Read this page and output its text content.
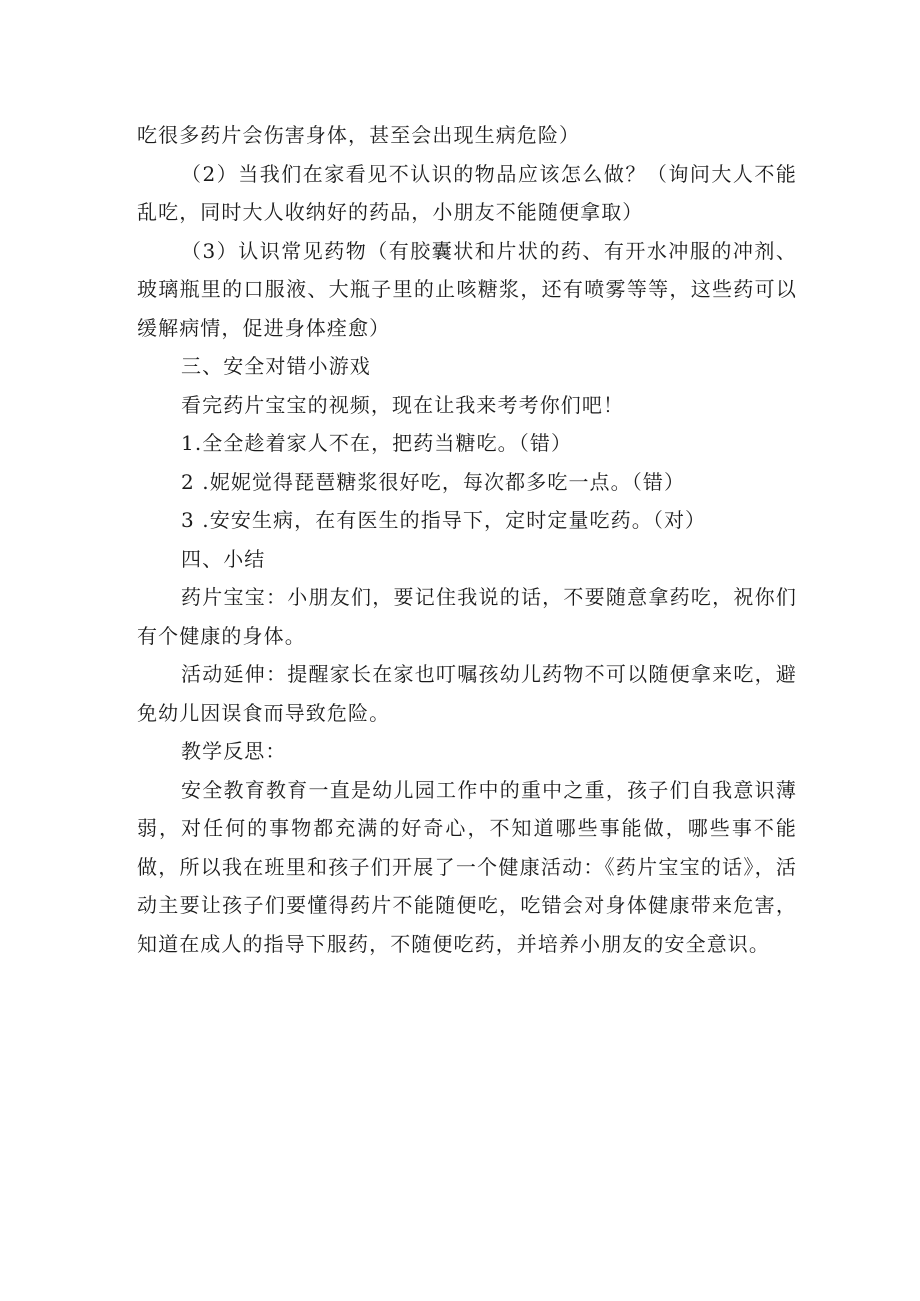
吃很多药片会伤害身体，甚至会出现生病危险）

（2）当我们在家看见不认识的物品应该怎么做？（询问大人不能乱吃，同时大人收纳好的药品，小朋友不能随便拿取）

（3）认识常见药物（有胶囊状和片状的药、有开水冲服的冲剂、玻璃瓶里的口服液、大瓶子里的止咳糖浆，还有喷雾等等，这些药可以缓解病情，促进身体痊愈）

三、安全对错小游戏

看完药片宝宝的视频，现在让我来考考你们吧！

1.全全趁着家人不在，把药当糖吃。（错）

2 .妮妮觉得琵琶糖浆很好吃，每次都多吃一点。（错）

3 .安安生病，在有医生的指导下，定时定量吃药。（对）

四、小结

药片宝宝：小朋友们，要记住我说的话，不要随意拿药吃，祝你们有个健康的身体。

活动延伸：提醒家长在家也叮嘱孩幼儿药物不可以随便拿来吃，避免幼儿因误食而导致危险。

教学反思：

安全教育教育一直是幼儿园工作中的重中之重，孩子们自我意识薄弱，对任何的事物都充满的好奇心，不知道哪些事能做，哪些事不能做，所以我在班里和孩子们开展了一个健康活动：《药片宝宝的话》，活动主要让孩子们要懂得药片不能随便吃，吃错会对身体健康带来危害，知道在成人的指导下服药，不随便吃药，并培养小朋友的安全意识。
